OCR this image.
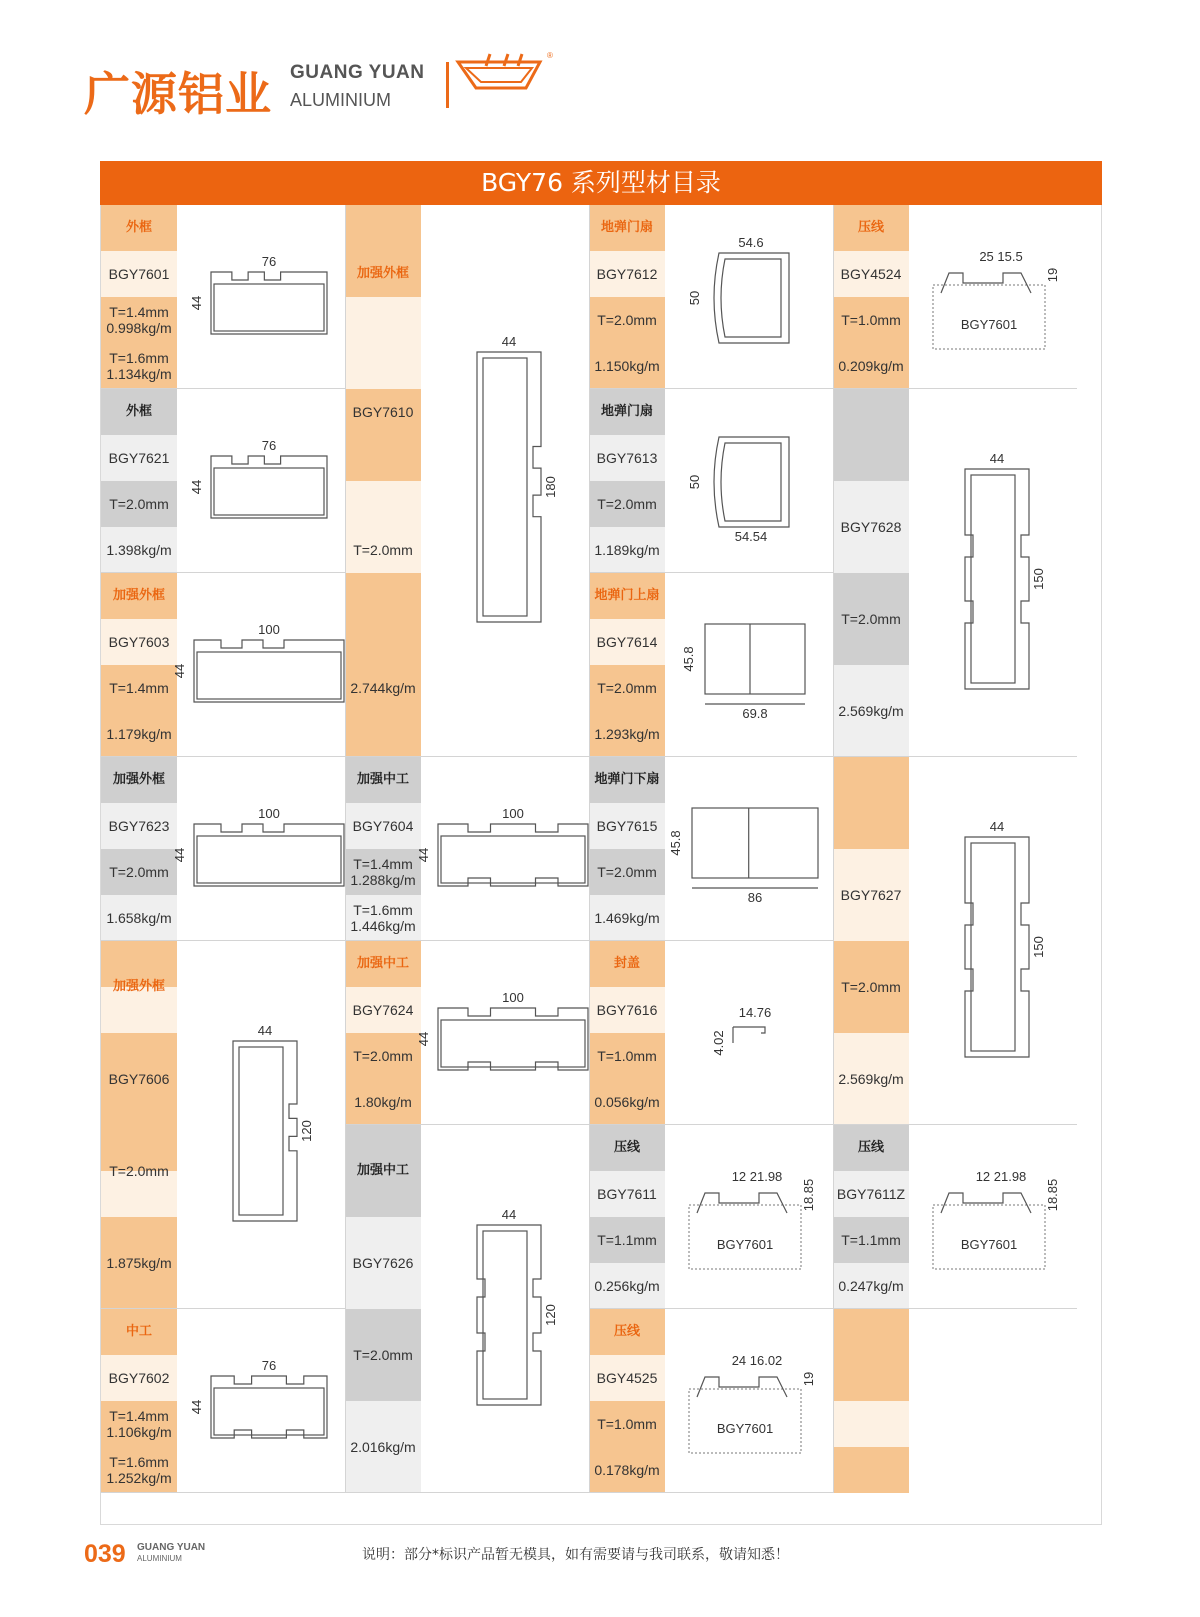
广源铝业 GUANG YUAN
ALUMINIUM
®
BGY76 系列型材目录
外框
BGY7601
T=1.4mm
0.998kg/m
T=1.6mm
1.134kg/m
76
44
外框
BGY7621
T=2.0mm
1.398kg/m
76
44
加强外框
BGY7603
T=1.4mm
1.179kg/m
100
44
加强外框
BGY7623
T=2.0mm
1.658kg/m
100
44
加强外框
BGY7606
T=2.0mm
1.875kg/m
44
120
中工
BGY7602
T=1.4mm
1.106kg/m
T=1.6mm
1.252kg/m
76
44
加强外框
BGY7610
T=2.0mm
2.744kg/m
44
180
加强中工
BGY7604
T=1.4mm
1.288kg/m
T=1.6mm
1.446kg/m
100
44
加强中工
BGY7624
T=2.0mm
1.80kg/m
100
44
加强中工
BGY7626
T=2.0mm
2.016kg/m
44
120
地弹门扇
BGY7612
T=2.0mm
1.150kg/m
54.6
50
地弹门扇
BGY7613
T=2.0mm
1.189kg/m
54.54
50
地弹门上扇
BGY7614
T=2.0mm
1.293kg/m
69.8
45.8
地弹门下扇
BGY7615
T=2.0mm
1.469kg/m
86
45.8
封盖
BGY7616
T=1.0mm
0.056kg/m
14.76
4.02
压线
BGY7611
T=1.1mm
0.256kg/m
BGY7601
12 21.98
18.85
压线
BGY4525
T=1.0mm
0.178kg/m
BGY7601
24 16.02
19
压线
BGY4524
T=1.0mm
0.209kg/m
BGY7601
25 15.5
19
BGY7628
T=2.0mm
2.569kg/m
44
150
BGY7627
T=2.0mm
2.569kg/m
44
150
压线
BGY7611Z
T=1.1mm
0.247kg/m
BGY7601
12 21.98
18.85
039 GUANG YUAN
ALUMINIUM	说明：部分*标识产品暂无模具，如有需要请与我司联系，敬请知悉！
